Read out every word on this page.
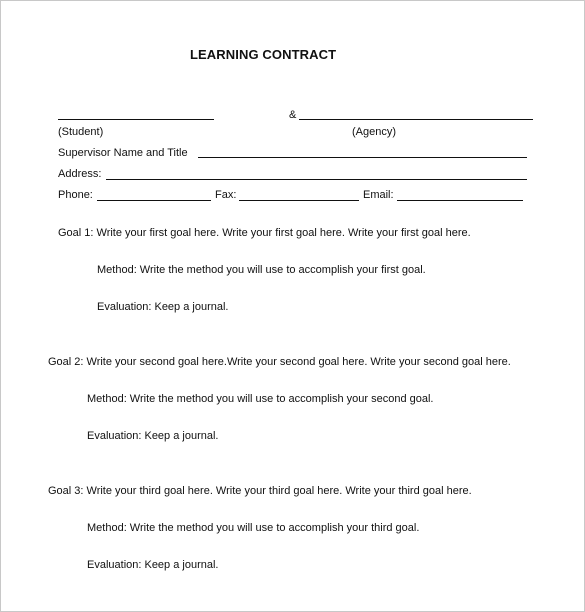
LEARNING CONTRACT
&
(Student)	(Agency)
Supervisor Name and Title
Address:
Phone:	Fax:	Email:
Goal 1: Write your first goal here. Write your first goal here. Write your first goal here.
Method: Write the method you will use to accomplish your first goal.
Evaluation: Keep a journal.
Goal 2: Write your second goal here.Write your second goal here. Write your second goal here.
Method: Write the method you will use to accomplish your second goal.
Evaluation: Keep a journal.
Goal 3: Write your third goal here. Write your third goal here. Write your third goal here.
Method: Write the method you will use to accomplish your third goal.
Evaluation: Keep a journal.
